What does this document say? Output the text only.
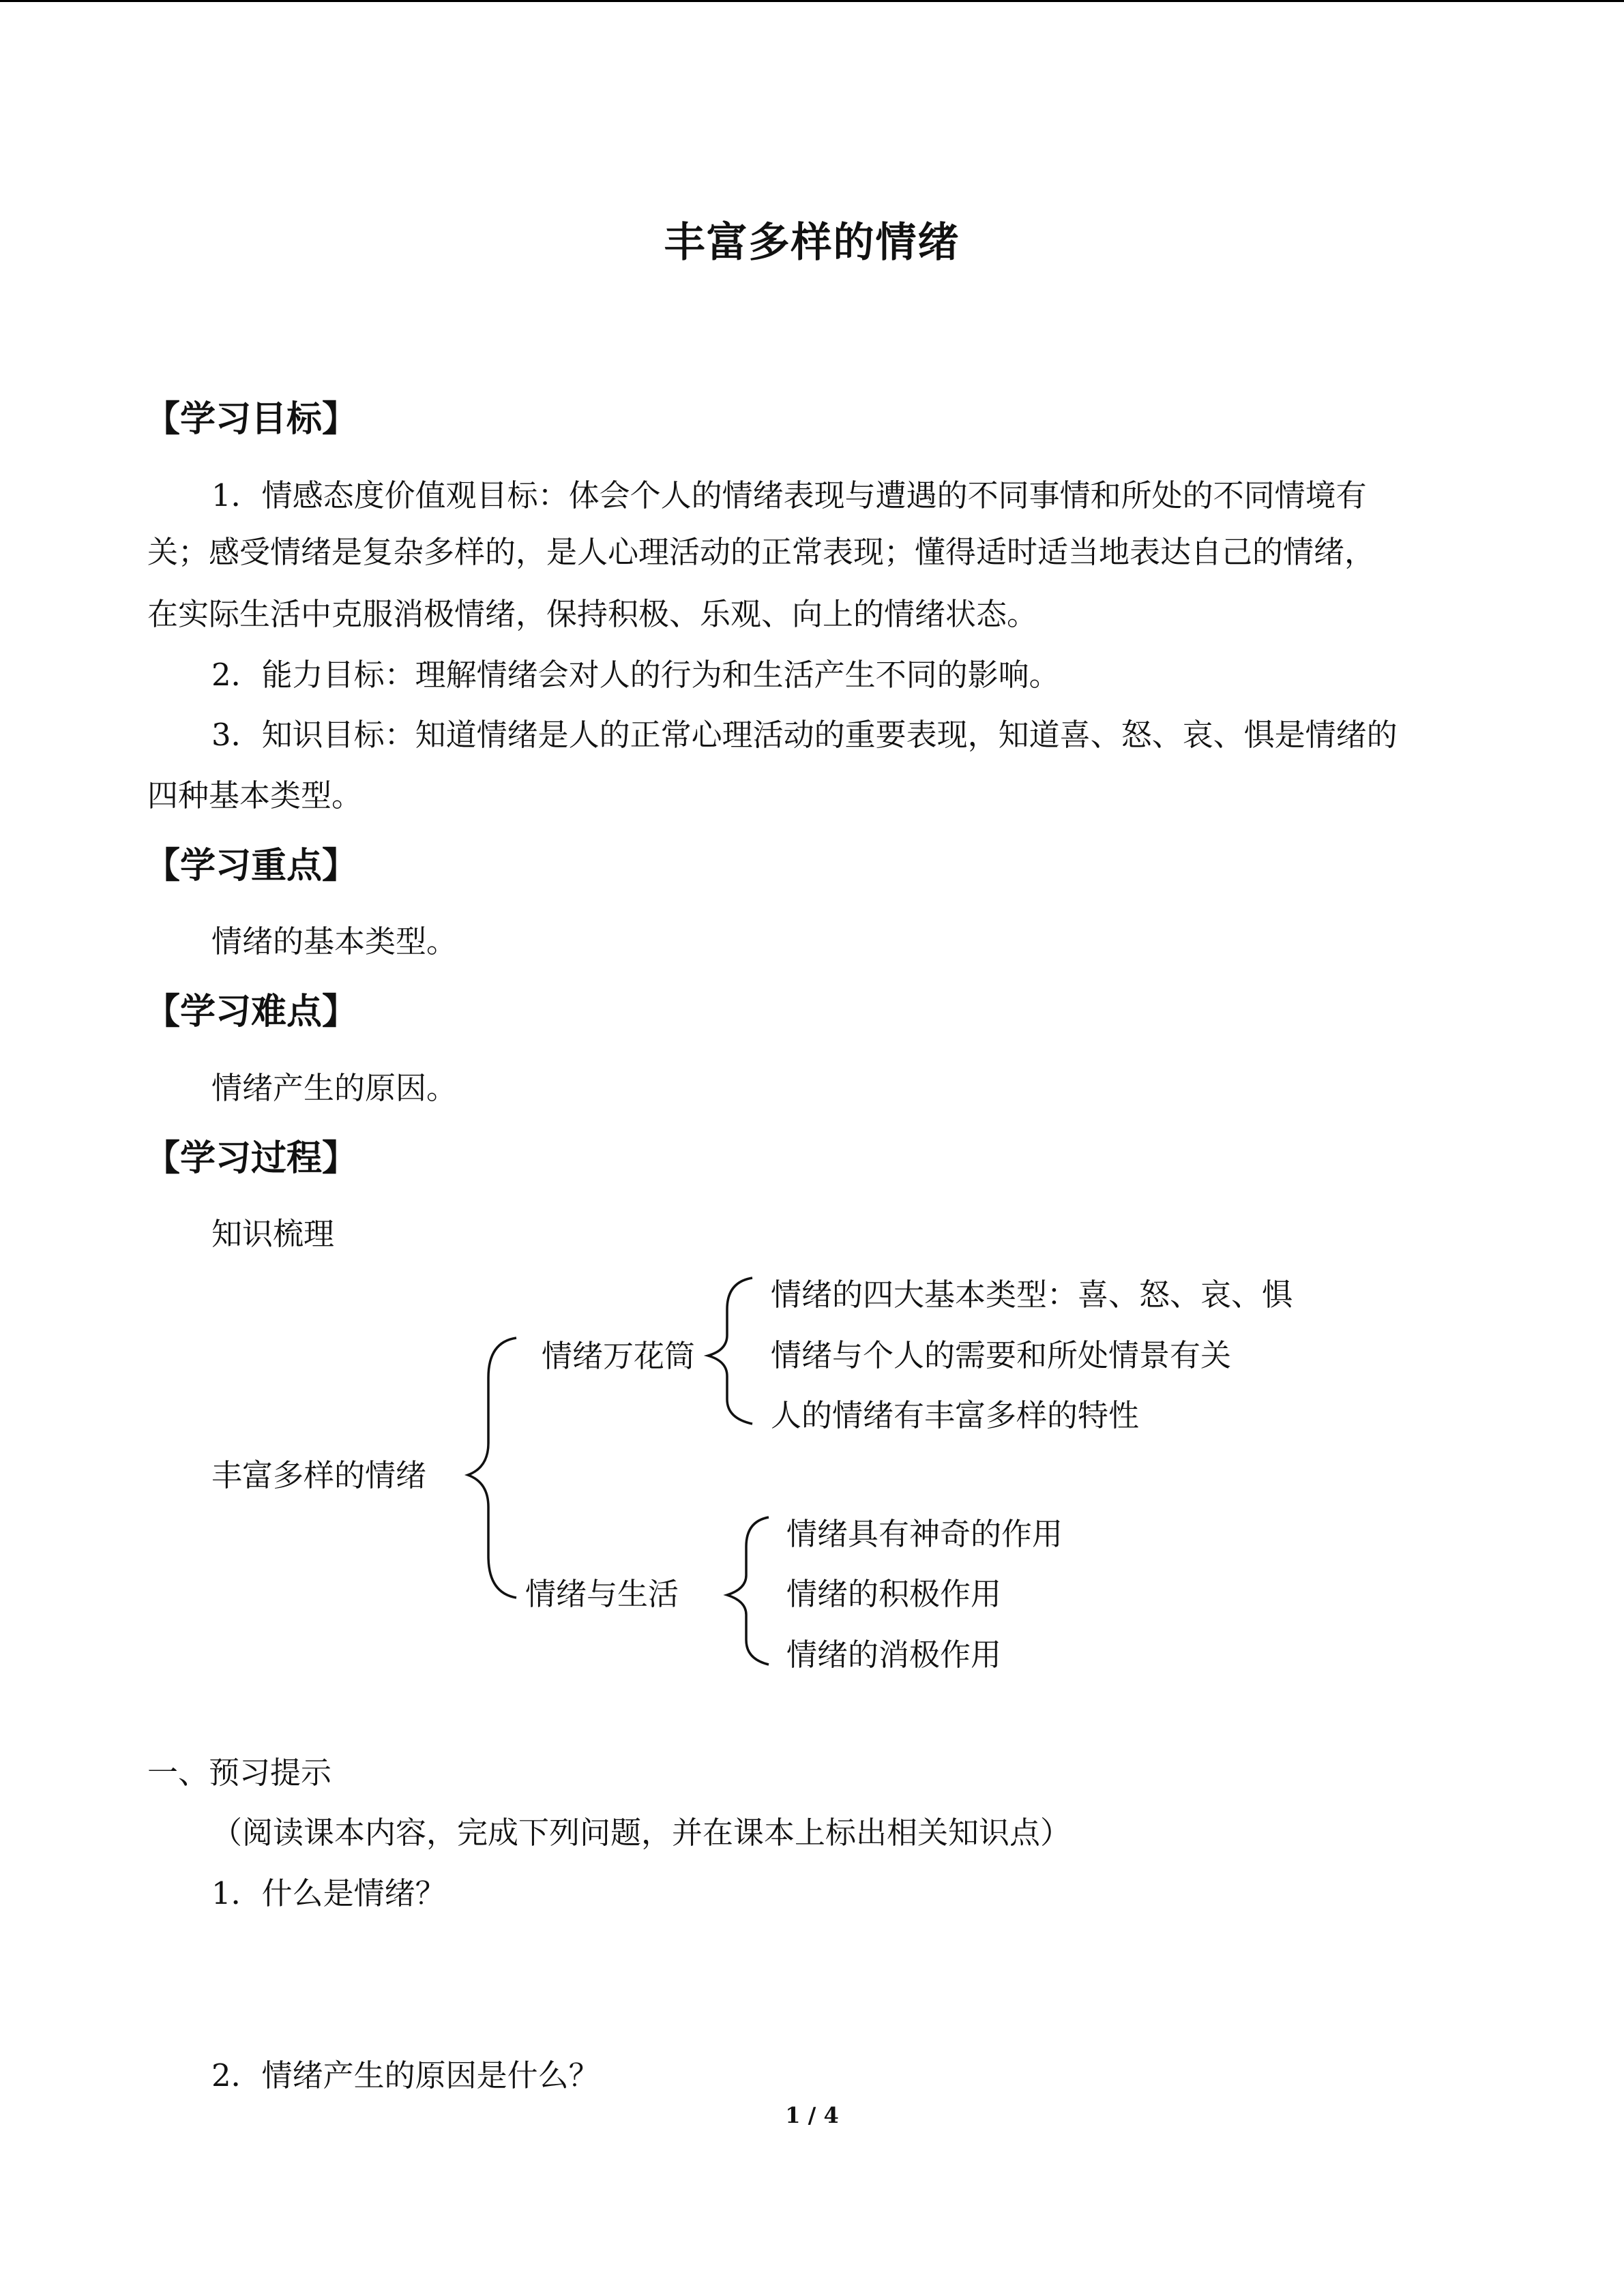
丰富多样的情绪
【学习目标】
1．情感态度价值观目标：体会个人的情绪表现与遭遇的不同事情和所处的不同情境有
关；感受情绪是复杂多样的，是人心理活动的正常表现；懂得适时适当地表达自己的情绪，
在实际生活中克服消极情绪，保持积极、乐观、向上的情绪状态。
2．能力目标：理解情绪会对人的行为和生活产生不同的影响。
3．知识目标：知道情绪是人的正常心理活动的重要表现，知道喜、怒、哀、惧是情绪的
四种基本类型。
【学习重点】
情绪的基本类型。
【学习难点】
情绪产生的原因。
【学习过程】
知识梳理
丰富多样的情绪
情绪万花筒
情绪的四大基本类型：喜、怒、哀、惧
情绪与个人的需要和所处情景有关
人的情绪有丰富多样的特性
情绪与生活
情绪具有神奇的作用
情绪的积极作用
情绪的消极作用
一、预习提示
（阅读课本内容，完成下列问题，并在课本上标出相关知识点）
1．什么是情绪？
2．情绪产生的原因是什么？
1 / 4
